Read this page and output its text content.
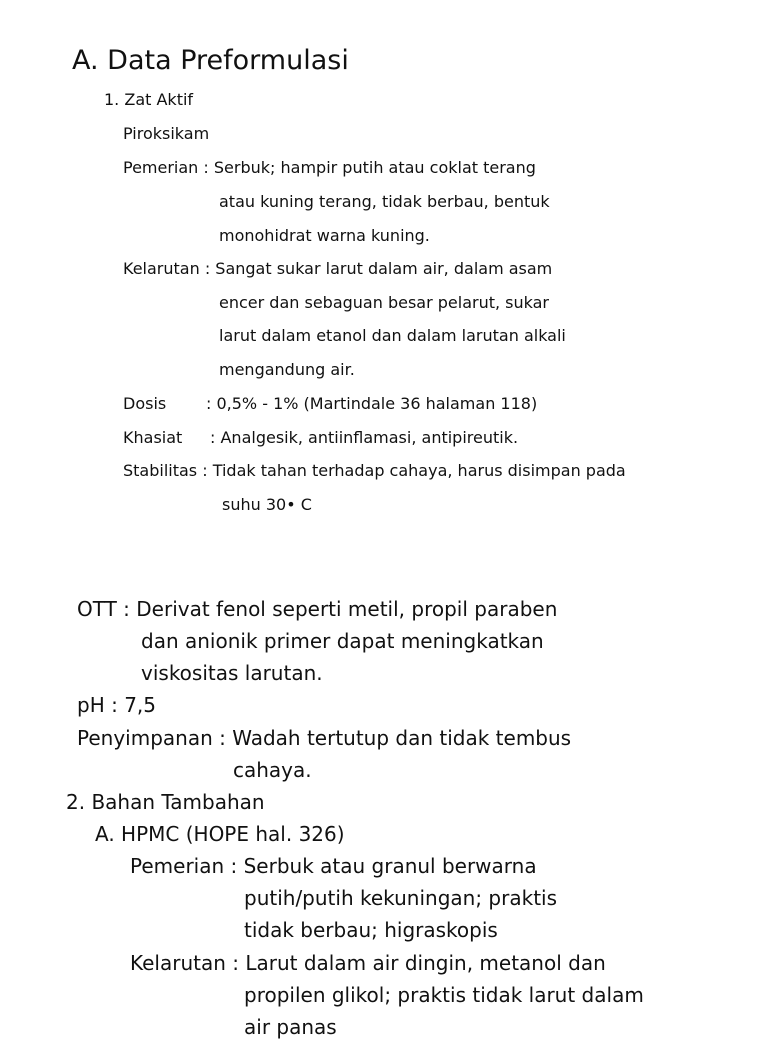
A. Data Preformulasi
1. Zat Aktif
Piroksikam
Pemerian : Serbuk; hampir putih atau coklat terang
atau kuning terang, tidak berbau, bentuk
monohidrat warna kuning.
Kelarutan : Sangat sukar larut dalam air, dalam asam
encer dan sebaguan besar pelarut, sukar
larut dalam etanol dan dalam larutan alkali
mengandung air.
Dosis : 0,5% - 1% (Martindale 36 halaman 118)
Khasiat : Analgesik, antiinflamasi, antipireutik.
Stabilitas : Tidak tahan terhadap cahaya, harus disimpan pada
suhu 30• C
OTT : Derivat fenol seperti metil, propil paraben
dan anionik primer dapat meningkatkan
viskositas larutan.
pH : 7,5
Penyimpanan : Wadah tertutup dan tidak tembus
cahaya.
2. Bahan Tambahan
A. HPMC (HOPE hal. 326)
Pemerian : Serbuk atau granul berwarna
putih/putih kekuningan; praktis
tidak berbau; higraskopis
Kelarutan : Larut dalam air dingin, metanol dan
propilen glikol; praktis tidak larut dalam
air panas
